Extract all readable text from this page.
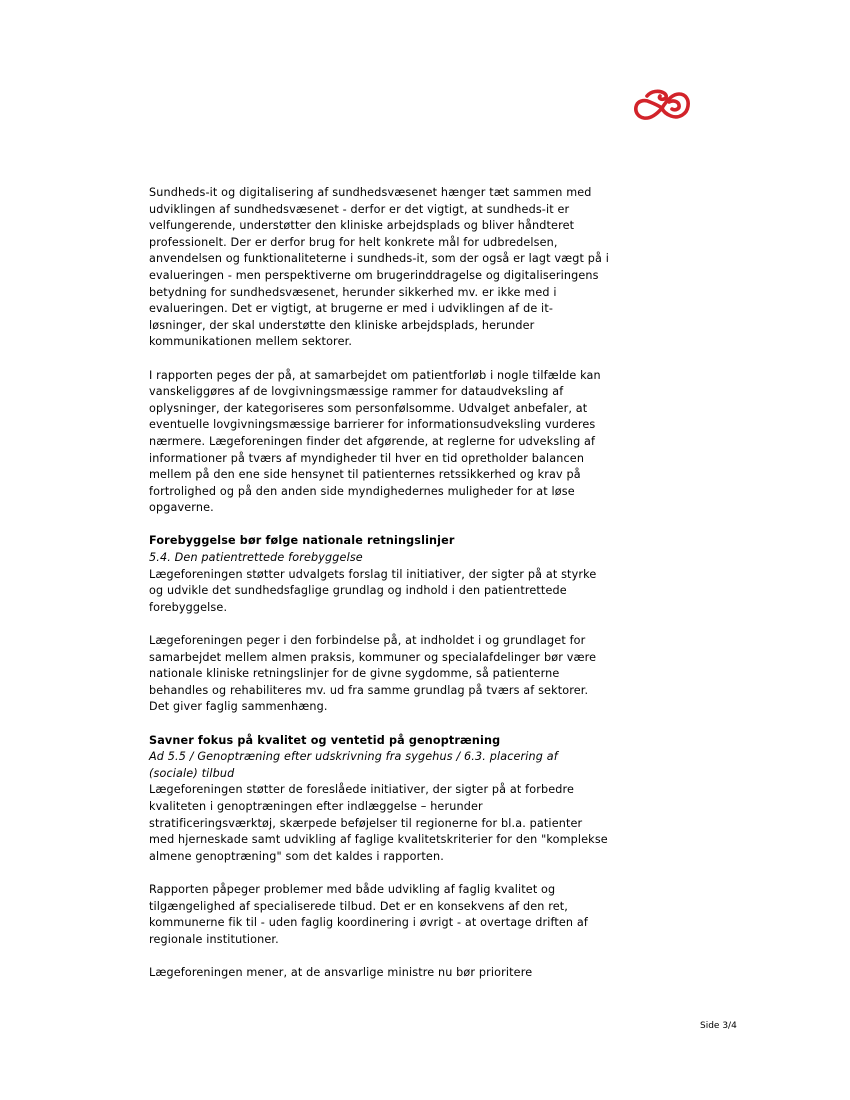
Sundheds-it og digitalisering af sundhedsvæsenet hænger tæt sammen med udviklingen af sundhedsvæsenet - derfor er det vigtigt, at sundheds-it er velfungerende, understøtter den kliniske arbejdsplads og bliver håndteret professionelt. Der er derfor brug for helt konkrete mål for udbredelsen, anvendelsen og funktionaliteterne i sundheds-it, som der også er lagt vægt på i evalueringen - men perspektiverne om brugerinddragelse og digitaliseringens betydning for sundhedsvæsenet, herunder sikkerhed mv. er ikke med i evalueringen. Det er vigtigt, at brugerne er med i udviklingen af de it-løsninger, der skal understøtte den kliniske arbejdsplads, herunder kommunikationen mellem sektorer.

I rapporten peges der på, at samarbejdet om patientforløb i nogle tilfælde kan vanskeliggøres af de lovgivningsmæssige rammer for dataudveksling af oplysninger, der kategoriseres som personfølsomme. Udvalget anbefaler, at eventuelle lovgivningsmæssige barrierer for informationsudveksling vurderes nærmere. Lægeforeningen finder det afgørende, at reglerne for udveksling af informationer på tværs af myndigheder til hver en tid opretholder balancen mellem på den ene side hensynet til patienternes retssikkerhed og krav på fortrolighed og på den anden side myndighedernes muligheder for at løse opgaverne.

Forebyggelse bør følge nationale retningslinjer
5.4. Den patientrettede forebyggelse
Lægeforeningen støtter udvalgets forslag til initiativer, der sigter på at styrke og udvikle det sundhedsfaglige grundlag og indhold i den patientrettede forebyggelse.

Lægeforeningen peger i den forbindelse på, at indholdet i og grundlaget for samarbejdet mellem almen praksis, kommuner og specialafdelinger bør være nationale kliniske retningslinjer for de givne sygdomme, så patienterne behandles og rehabiliteres mv. ud fra samme grundlag på tværs af sektorer. Det giver faglig sammenhæng.

Savner fokus på kvalitet og ventetid på genoptræning
Ad 5.5 / Genoptræning efter udskrivning fra sygehus / 6.3. placering af (sociale) tilbud
Lægeforeningen støtter de foreslåede initiativer, der sigter på at forbedre kvaliteten i genoptræningen efter indlæggelse – herunder stratificeringsværktøj, skærpede beføjelser til regionerne for bl.a. patienter med hjerneskade samt udvikling af faglige kvalitetskriterier for den "komplekse almene genoptræning" som det kaldes i rapporten.

Rapporten påpeger problemer med både udvikling af faglig kvalitet og tilgængelighed af specialiserede tilbud. Det er en konsekvens af den ret, kommunerne fik til - uden faglig koordinering i øvrigt - at overtage driften af regionale institutioner.

Lægeforeningen mener, at de ansvarlige ministre nu bør prioritere

Side 3/4
